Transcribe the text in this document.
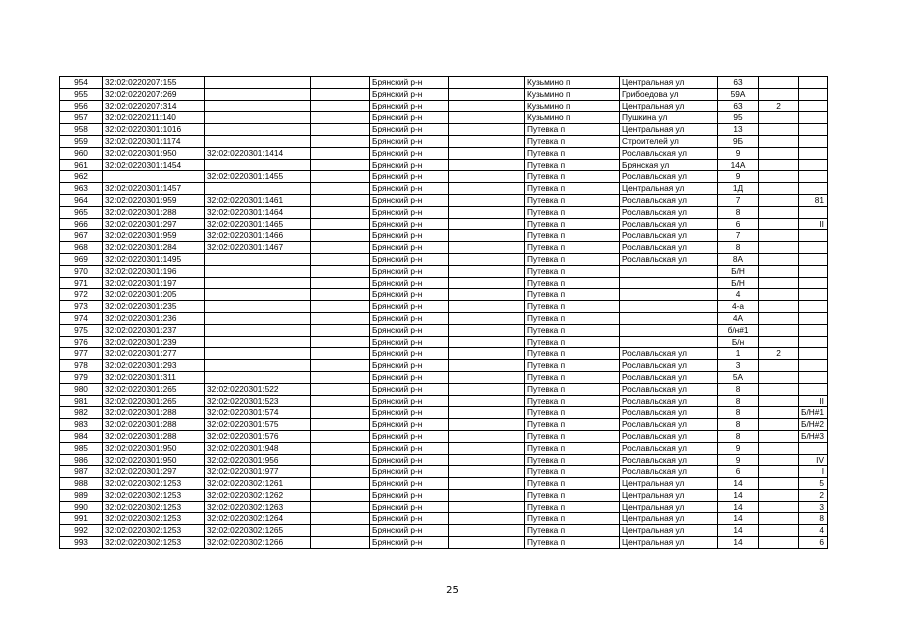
954	32:02:0220207:155			Брянский р-н		Кузьмино п	Центральная ул	63		
955	32:02:0220207:269			Брянский р-н		Кузьмино п	Грибоедова ул	59А		
956	32:02:0220207:314			Брянский р-н		Кузьмино п	Центральная ул	63	2	
957	32:02:0220211:140			Брянский р-н		Кузьмино п	Пушкина ул	95		
958	32:02:0220301:1016			Брянский р-н		Путевка п	Центральная ул	13		
959	32:02:0220301:1174			Брянский р-н		Путевка п	Строителей ул	9Б		
960	32:02:0220301:950	32:02:0220301:1414		Брянский р-н		Путевка п	Рославльская ул	9		
961	32:02:0220301:1454			Брянский р-н		Путевка п	Брянская ул	14А		
962		32:02:0220301:1455		Брянский р-н		Путевка п	Рославльская ул	9		
963	32:02:0220301:1457			Брянский р-н		Путевка п	Центральная ул	1Д		
964	32:02:0220301:959	32:02:0220301:1461		Брянский р-н		Путевка п	Рославльская ул	7		81
965	32:02:0220301:288	32:02:0220301:1464		Брянский р-н		Путевка п	Рославльская ул	8		
966	32:02:0220301:297	32:02:0220301:1465		Брянский р-н		Путевка п	Рославльская ул	6		II
967	32:02:0220301:959	32:02:0220301:1466		Брянский р-н		Путевка п	Рославльская ул	7		
968	32:02:0220301:284	32:02:0220301:1467		Брянский р-н		Путевка п	Рославльская ул	8		
969	32:02:0220301:1495			Брянский р-н		Путевка п	Рославльская ул	8А		
970	32:02:0220301:196			Брянский р-н		Путевка п		Б/Н		
971	32:02:0220301:197			Брянский р-н		Путевка п		Б/Н		
972	32:02:0220301:205			Брянский р-н		Путевка п		4		
973	32:02:0220301:235			Брянский р-н		Путевка п		4-а		
974	32:02:0220301:236			Брянский р-н		Путевка п		4А		
975	32:02:0220301:237			Брянский р-н		Путевка п		б/н#1		
976	32:02:0220301:239			Брянский р-н		Путевка п		Б/н		
977	32:02:0220301:277			Брянский р-н		Путевка п	Рославльская ул	1	2	
978	32:02:0220301:293			Брянский р-н		Путевка п	Рославльская ул	3		
979	32:02:0220301:311			Брянский р-н		Путевка п	Рославльская ул	5А		
980	32:02:0220301:265	32:02:0220301:522		Брянский р-н		Путевка п	Рославльская ул	8		
981	32:02:0220301:265	32:02:0220301:523		Брянский р-н		Путевка п	Рославльская ул	8		II
982	32:02:0220301:288	32:02:0220301:574		Брянский р-н		Путевка п	Рославльская ул	8		Б/Н#1
983	32:02:0220301:288	32:02:0220301:575		Брянский р-н		Путевка п	Рославльская ул	8		Б/Н#2
984	32:02:0220301:288	32:02:0220301:576		Брянский р-н		Путевка п	Рославльская ул	8		Б/Н#3
985	32:02:0220301:950	32:02:0220301:948		Брянский р-н		Путевка п	Рославльская ул	9		
986	32:02:0220301:950	32:02:0220301:956		Брянский р-н		Путевка п	Рославльская ул	9		IV
987	32:02:0220301:297	32:02:0220301:977		Брянский р-н		Путевка п	Рославльская ул	6		I
988	32:02:0220302:1253	32:02:0220302:1261		Брянский р-н		Путевка п	Центральная ул	14		5
989	32:02:0220302:1253	32:02:0220302:1262		Брянский р-н		Путевка п	Центральная ул	14		2
990	32:02:0220302:1253	32:02:0220302:1263		Брянский р-н		Путевка п	Центральная ул	14		3
991	32:02:0220302:1253	32:02:0220302:1264		Брянский р-н		Путевка п	Центральная ул	14		8
992	32:02:0220302:1253	32:02:0220302:1265		Брянский р-н		Путевка п	Центральная ул	14		4
993	32:02:0220302:1253	32:02:0220302:1266		Брянский р-н		Путевка п	Центральная ул	14		6
25
